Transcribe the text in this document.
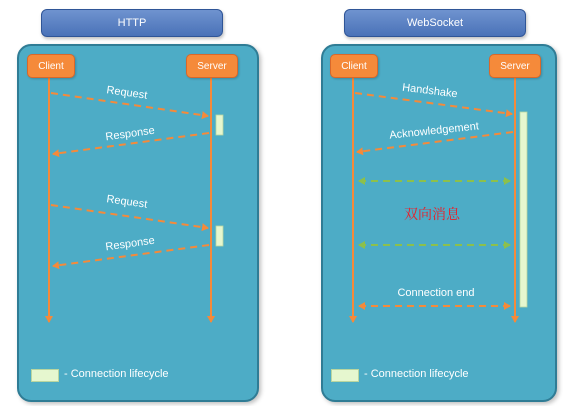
HTTP	WebSocket
Request
Response
Request
Response
Handshake
Acknowledgement
双向消息
Connection end
Client	Server	Client	Server
- Connection lifecycle	- Connection lifecycle
